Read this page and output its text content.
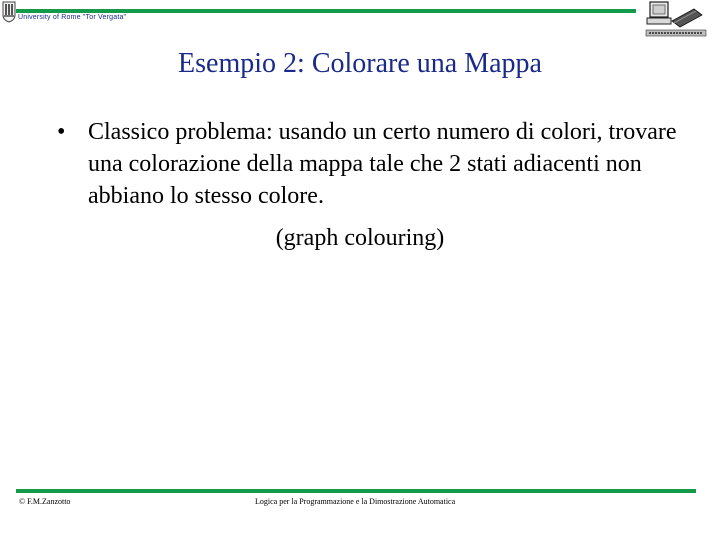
University of Rome "Tor Vergata"
Esempio 2: Colorare una Mappa
• Classico problema: usando un certo numero di colori, trovare una colorazione della mappa tale che 2 stati adiacenti non abbiano lo stesso colore.
(graph colouring)
© F.M.Zanzotto	Logica per la Programmazione e la Dimostrazione Automatica
